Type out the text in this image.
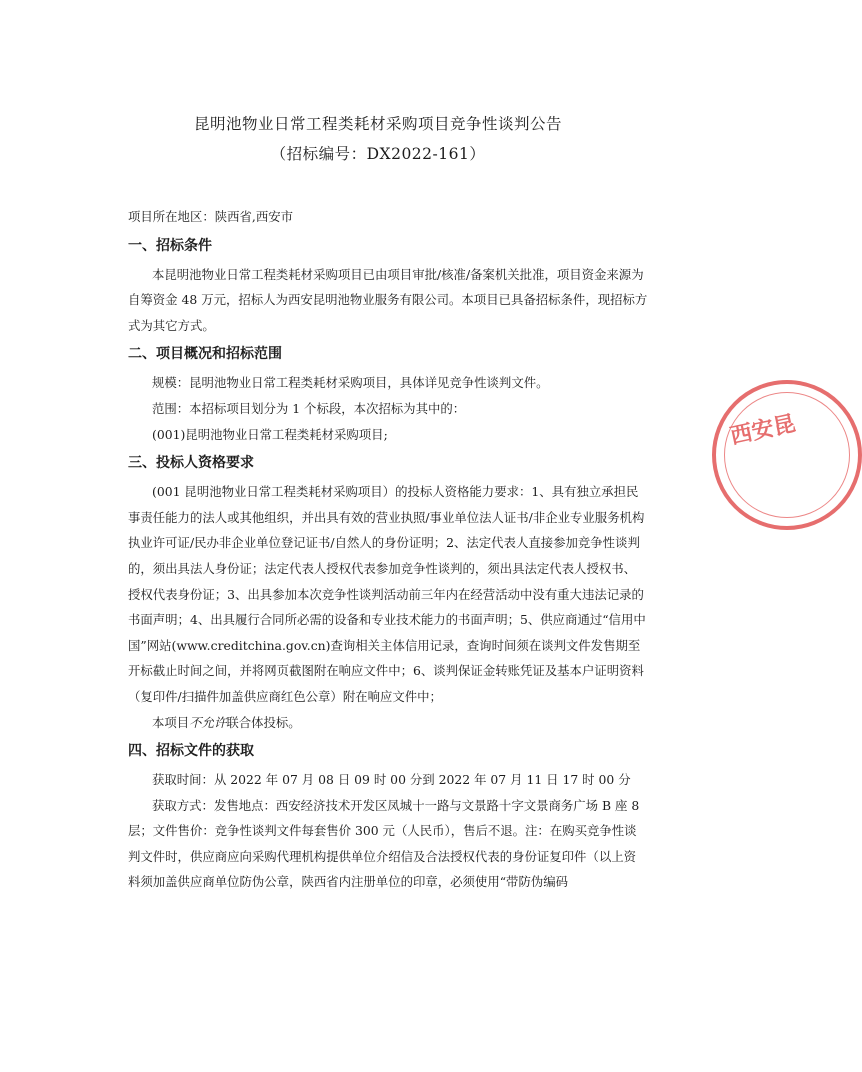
昆明池物业日常工程类耗材采购项目竞争性谈判公告
（招标编号：DX2022-161）

项目所在地区：陕西省,西安市

一、招标条件

本昆明池物业日常工程类耗材采购项目已由项目审批/核准/备案机关批准，项目资金来源为自筹资金 48 万元，招标人为西安昆明池物业服务有限公司。本项目已具备招标条件，现招标方式为其它方式。

二、项目概况和招标范围

规模：昆明池物业日常工程类耗材采购项目，具体详见竞争性谈判文件。

范围：本招标项目划分为 1 个标段，本次招标为其中的：

(001)昆明池物业日常工程类耗材采购项目;

三、投标人资格要求

(001 昆明池物业日常工程类耗材采购项目）的投标人资格能力要求：1、具有独立承担民事责任能力的法人或其他组织，并出具有效的营业执照/事业单位法人证书/非企业专业服务机构执业许可证/民办非企业单位登记证书/自然人的身份证明；2、法定代表人直接参加竞争性谈判的，须出具法人身份证；法定代表人授权代表参加竞争性谈判的，须出具法定代表人授权书、授权代表身份证；3、出具参加本次竞争性谈判活动前三年内在经营活动中没有重大违法记录的书面声明；4、出具履行合同所必需的设备和专业技术能力的书面声明；5、供应商通过“信用中国”网站(www.creditchina.gov.cn)查询相关主体信用记录，查询时间须在谈判文件发售期至开标截止时间之间，并将网页截图附在响应文件中；6、谈判保证金转账凭证及基本户证明资料（复印件/扫描件加盖供应商红色公章）附在响应文件中；

本项目不允许联合体投标。

四、招标文件的获取

获取时间：从 2022 年 07 月 08 日 09 时 00 分到 2022 年 07 月 11 日 17 时 00 分

获取方式：发售地点：西安经济技术开发区凤城十一路与文景路十字文景商务广场 B 座 8 层；文件售价：竞争性谈判文件每套售价 300 元（人民币），售后不退。注：在购买竞争性谈判文件时，供应商应向采购代理机构提供单位介绍信及合法授权代表的身份证复印件（以上资料须加盖供应商单位防伪公章，陕西省内注册单位的印章，必须使用“带防伪编码

西安昆
